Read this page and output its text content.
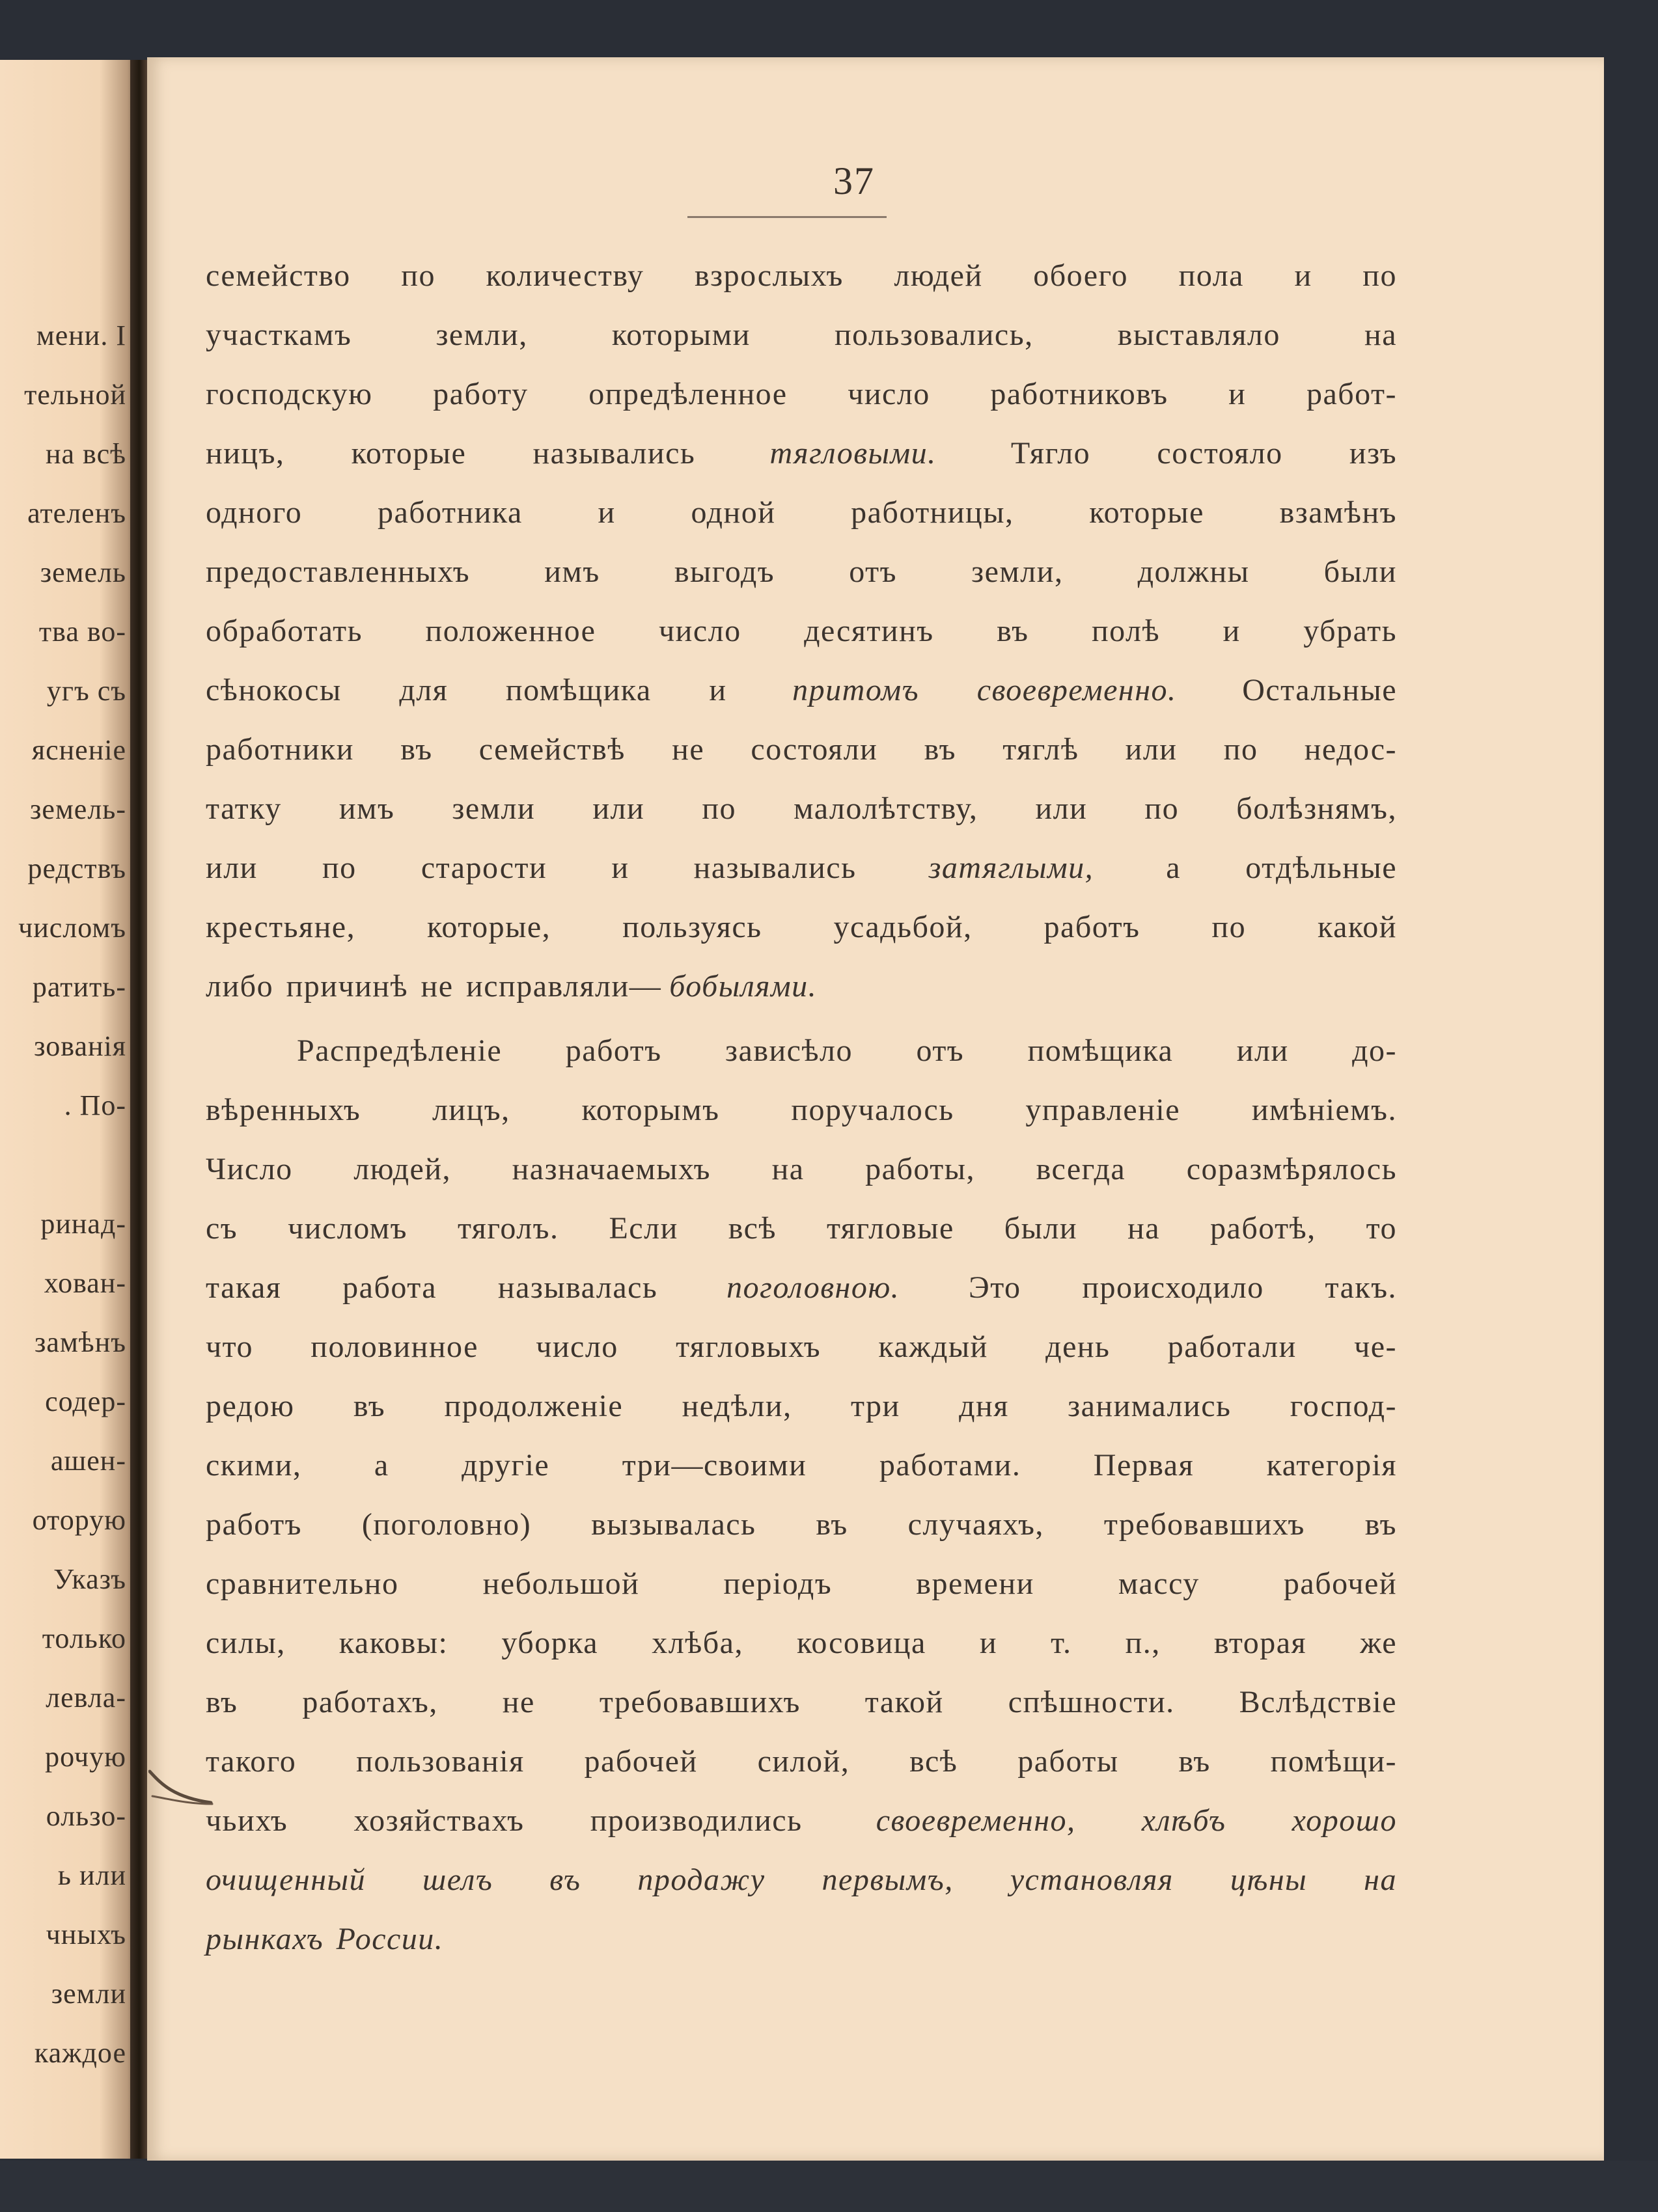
мени. I
тельной
на всѣ
ателенъ
земель
тва во-
угъ съ
ясненіе
земель-
редствъ
числомъ
ратить-
зованія
. По-
ринад-
хован-
замѣнъ
содер-
ашен-
оторую
Указъ
только
левла-
рочую
ользо-
ь или
чныхъ
земли
каждое
37
семейство по количеству взрослыхъ людей обоего пола и по
участкамъ земли, которыми пользовались, выставляло на
господскую работу опредѣленное число работниковъ и работ-
ницъ, которые назывались тягловыми. Тягло состояло изъ
одного работника и одной работницы, которые взамѣнъ
предоставленныхъ имъ выгодъ отъ земли, должны были
обработать положенное число десятинъ въ полѣ и убрать
сѣнокосы для помѣщика и притомъ своевременно. Остальные
работники въ семействѣ не состояли въ тяглѣ или по недос-
татку имъ земли или по малолѣтству, или по болѣзнямъ,
или по старости и назывались затяглыми, а отдѣльные
крестьяне, которые, пользуясь усадьбой, работъ по какой
либо причинѣ не исправляли— бобылями.
Распредѣленіе работъ зависѣло отъ помѣщика или до-
вѣренныхъ лицъ, которымъ поручалось управленіе имѣніемъ.
Число людей, назначаемыхъ на работы, всегда соразмѣрялось
съ числомъ тяголъ. Если всѣ тягловые были на работѣ, то
такая работа называлась поголовною. Это происходило такъ.
что половинное число тягловыхъ каждый день работали че-
редою въ продолженіе недѣли, три дня занимались господ-
скими, а другіе три—своими работами. Первая категорія
работъ (поголовно) вызывалась въ случаяхъ, требовавшихъ въ
сравнительно небольшой періодъ времени массу рабочей
силы, каковы: уборка хлѣба, косовица и т. п., вторая же
въ работахъ, не требовавшихъ такой спѣшности. Вслѣдствіе
такого пользованія рабочей силой, всѣ работы въ помѣщи-
чьихъ хозяйствахъ производились своевременно, хлѣбъ хорошо
очищенный шелъ въ продажу первымъ, установляя цѣны на
рынкахъ России.
